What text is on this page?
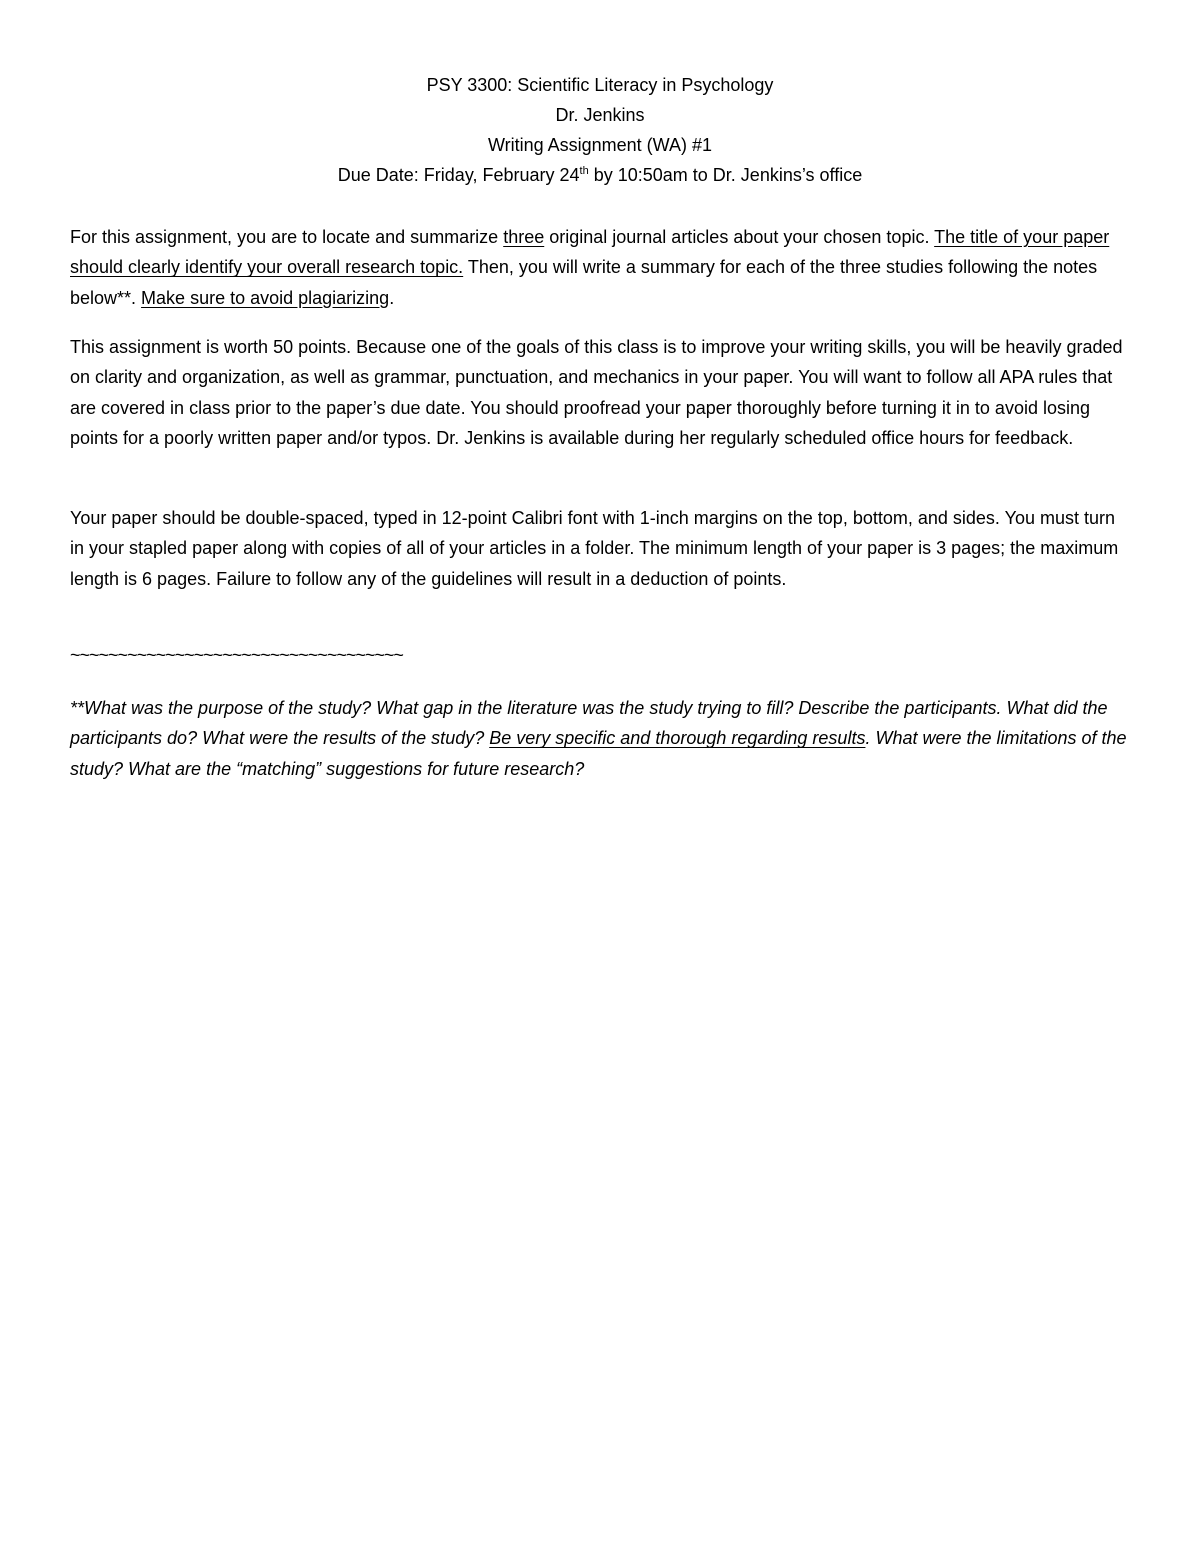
PSY 3300: Scientific Literacy in Psychology
Dr. Jenkins
Writing Assignment (WA) #1
Due Date: Friday, February 24th by 10:50am to Dr. Jenkins’s office

For this assignment, you are to locate and summarize three original journal articles about your chosen topic. The title of your paper should clearly identify your overall research topic. Then, you will write a summary for each of the three studies following the notes below**. Make sure to avoid plagiarizing.

This assignment is worth 50 points. Because one of the goals of this class is to improve your writing skills, you will be heavily graded on clarity and organization, as well as grammar, punctuation, and mechanics in your paper. You will want to follow all APA rules that are covered in class prior to the paper’s due date. You should proofread your paper thoroughly before turning it in to avoid losing points for a poorly written paper and/or typos. Dr. Jenkins is available during her regularly scheduled office hours for feedback.

Your paper should be double-spaced, typed in 12-point Calibri font with 1-inch margins on the top, bottom, and sides. You must turn in your stapled paper along with copies of all of your articles in a folder. The minimum length of your paper is 3 pages; the maximum length is 6 pages. Failure to follow any of the guidelines will result in a deduction of points.

~~~~~~~~~~~~~~~~~~~~~~~~~~~~~~~~~~~

**What was the purpose of the study? What gap in the literature was the study trying to fill? Describe the participants. What did the participants do? What were the results of the study? Be very specific and thorough regarding results. What were the limitations of the study? What are the “matching” suggestions for future research?
